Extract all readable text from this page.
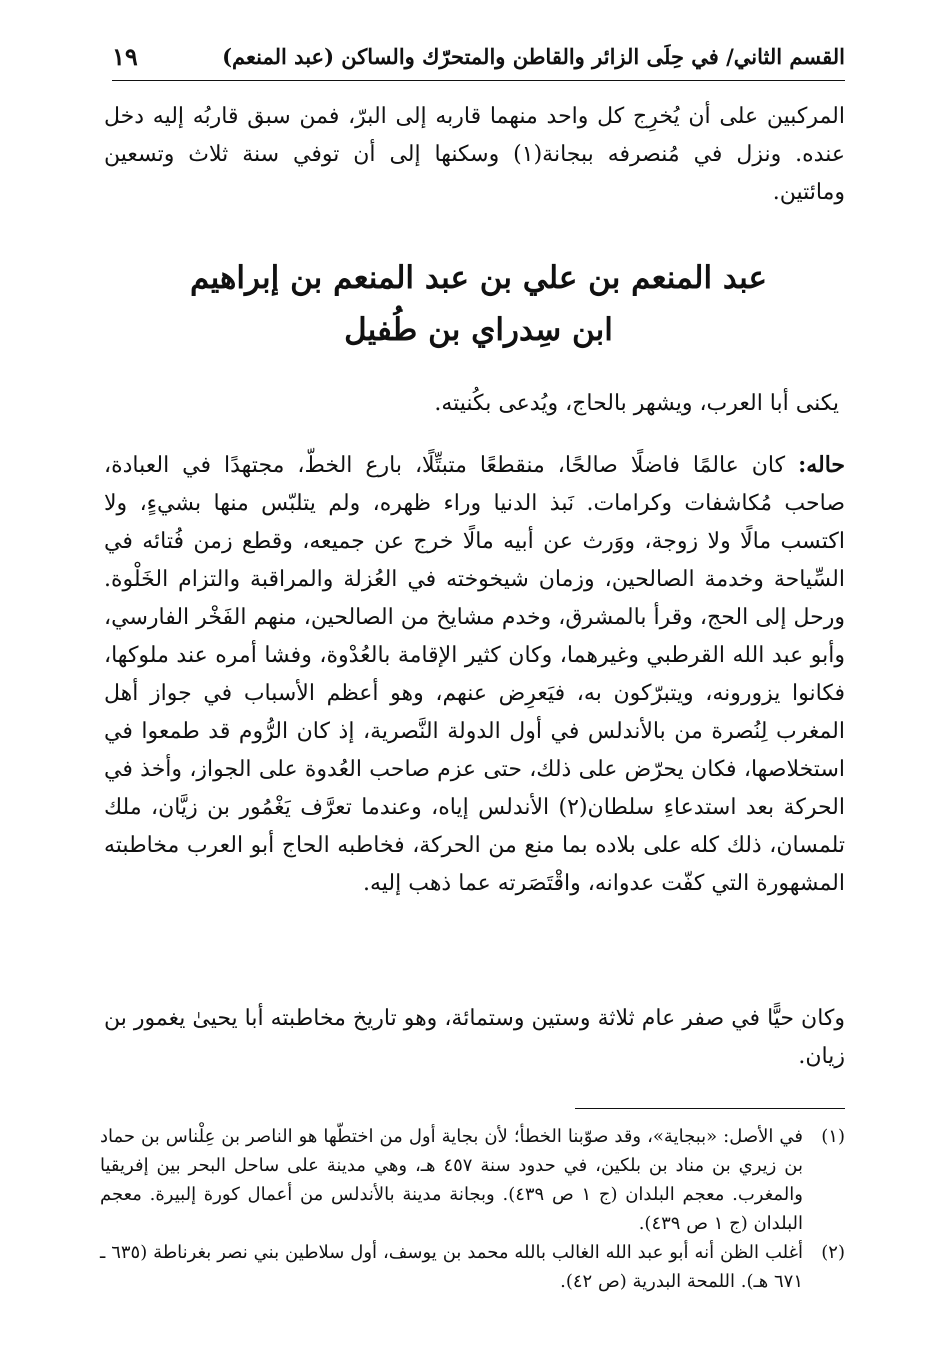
القسم الثاني/ في حِلَى الزائر والقاطن والمتحرّك والساكن (عبد المنعم)
١٩
المركبين على أن يُخرِج كل واحد منهما قاربه إلى البرّ، فمن سبق قاربُه إليه دخل عنده. ونزل في مُنصرفه ببجانة(١) وسكنها إلى أن توفي سنة ثلاث وتسعين ومائتين.
عبد المنعم بن علي بن عبد المنعم بن إبراهيم
ابن سِدراي بن طُفيل
يكنى أبا العرب، ويشهر بالحاج، ويُدعى بكُنيته.
حاله: كان عالمًا فاضلًا صالحًا، منقطعًا متبتِّلًا، بارع الخطّ، مجتهدًا في العبادة، صاحب مُكاشفات وكرامات. نَبذ الدنيا وراء ظهره، ولم يتلبّس منها بشيءٍ، ولا اكتسب مالًا ولا زوجة، ووَرث عن أبيه مالًا خرج عن جميعه، وقطع زمن فُتائه في السِّياحة وخدمة الصالحين، وزمان شيخوخته في العُزلة والمراقبة والتزام الخَلْوة. ورحل إلى الحج، وقرأ بالمشرق، وخدم مشايخ من الصالحين، منهم الفَخْر الفارسي، وأبو عبد الله القرطبي وغيرهما، وكان كثير الإقامة بالعُدْوة، وفشا أمره عند ملوكها، فكانوا يزورونه، ويتبرّكون به، فيَعرِض عنهم، وهو أعظم الأسباب في جواز أهل المغرب لِنُصرة من بالأندلس في أول الدولة النَّصرية، إذ كان الرُّوم قد طمعوا في استخلاصها، فكان يحرّض على ذلك، حتى عزم صاحب العُدوة على الجواز، وأخذ في الحركة بعد استدعاءِ سلطان(٢) الأندلس إياه، وعندما تعرَّف يَغْمُور بن زيَّان، ملك تلمسان، ذلك كله على بلاده بما منع من الحركة، فخاطبه الحاج أبو العرب مخاطبته المشهورة التي كفّت عدوانه، واقْتَصَرته عما ذهب إليه.
وكان حيًّا في صفر عام ثلاثة وستين وستمائة، وهو تاريخ مخاطبته أبا يحيىٰ يغمور بن زيان.
(١)
في الأصل: «ببجاية»، وقد صوّبنا الخطأ؛ لأن بجاية أول من اختطّها هو الناصر بن عِلْناس بن حماد بن زيري بن مناد بن بلكين، في حدود سنة ٤٥٧ هـ، وهي مدينة على ساحل البحر بين إفريقيا والمغرب. معجم البلدان (ج ١ ص ٤٣٩). وبجانة مدينة بالأندلس من أعمال كورة إلبيرة. معجم البلدان (ج ١ ص ٤٣٩).
(٢)
أغلب الظن أنه أبو عبد الله الغالب بالله محمد بن يوسف، أول سلاطين بني نصر بغرناطة (٦٣٥ ـ ٦٧١ هـ). اللمحة البدرية (ص ٤٢).
